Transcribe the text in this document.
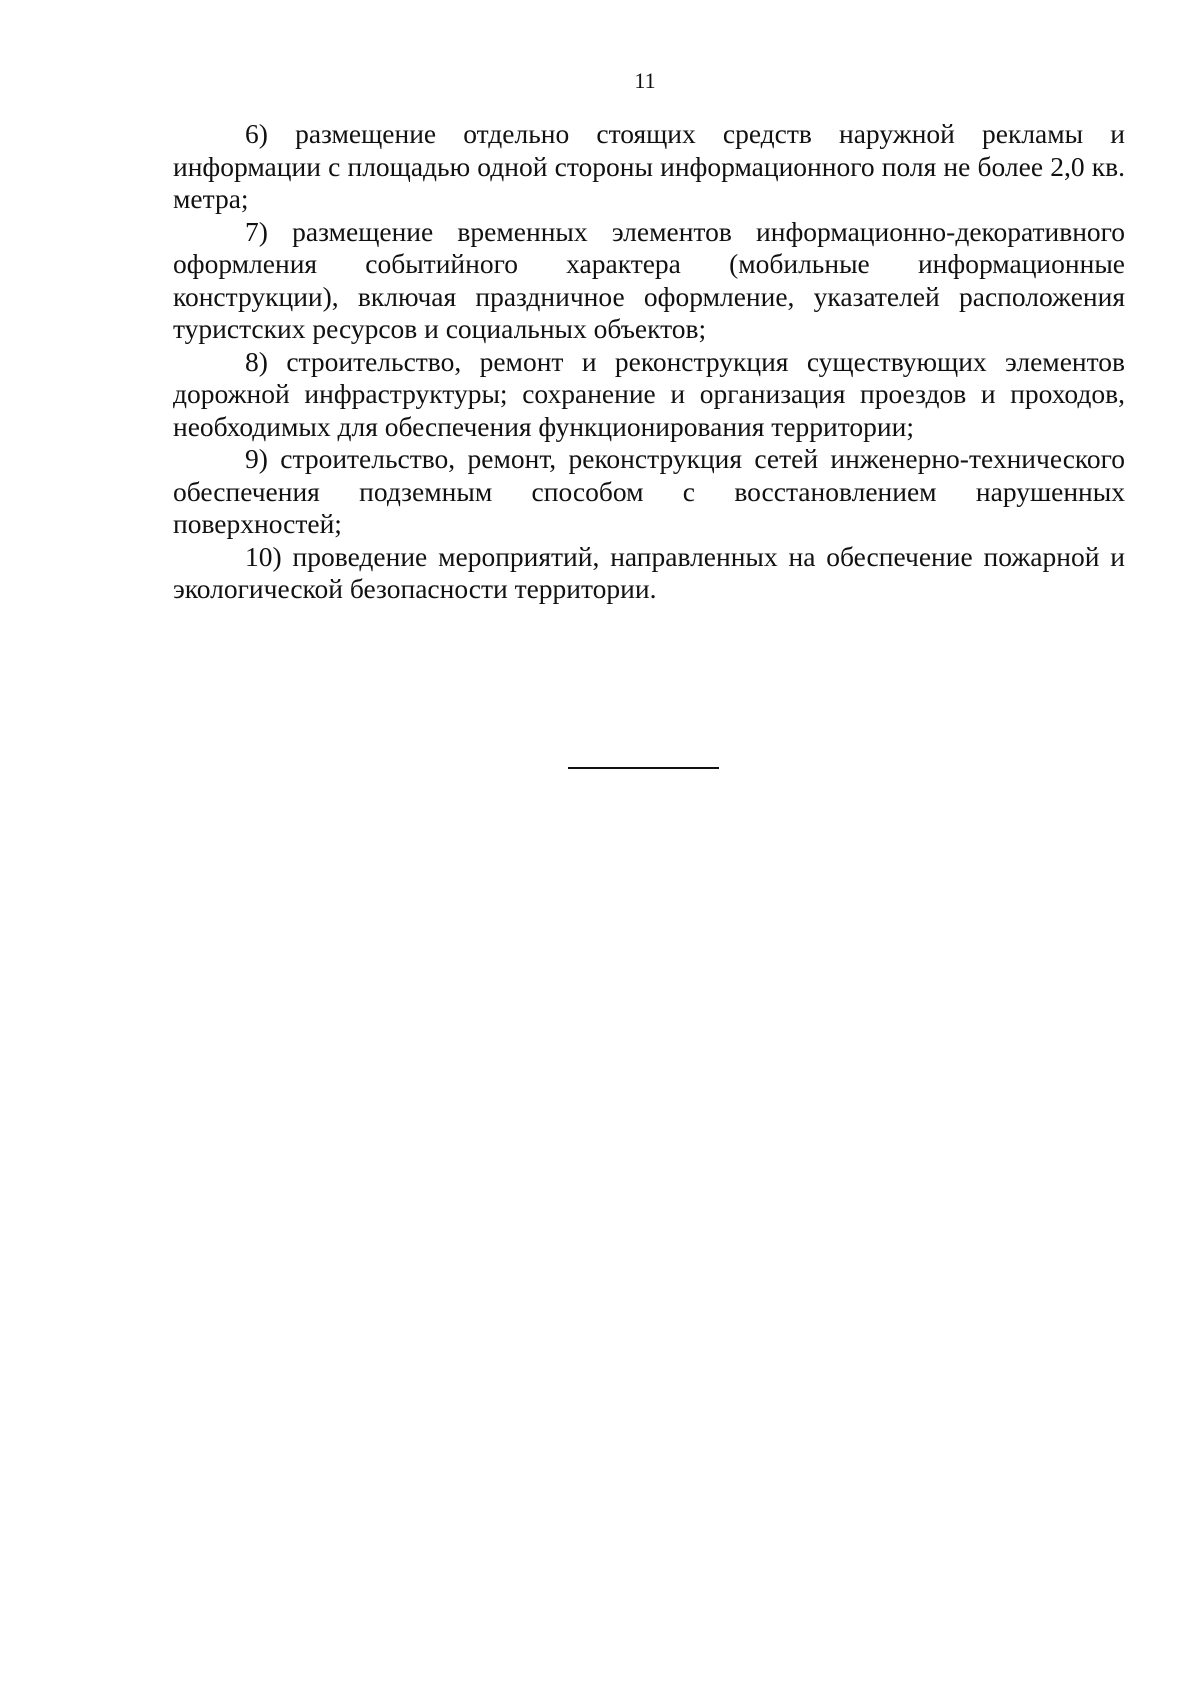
11

6) размещение отдельно стоящих средств наружной рекламы и информации с площадью одной стороны информационного поля не более 2,0 кв. метра;

7) размещение временных элементов информационно-декоративного оформления событийного характера (мобильные информационные конструкции), включая праздничное оформление, указателей расположения туристских ресурсов и социальных объектов;

8) строительство, ремонт и реконструкция существующих элементов дорожной инфраструктуры; сохранение и организация проездов и проходов, необходимых для обеспечения функционирования территории;

9) строительство, ремонт, реконструкция сетей инженерно-технического обеспечения подземным способом с восстановлением нарушенных поверхностей;

10) проведение мероприятий, направленных на обеспечение пожарной и экологической безопасности территории.
